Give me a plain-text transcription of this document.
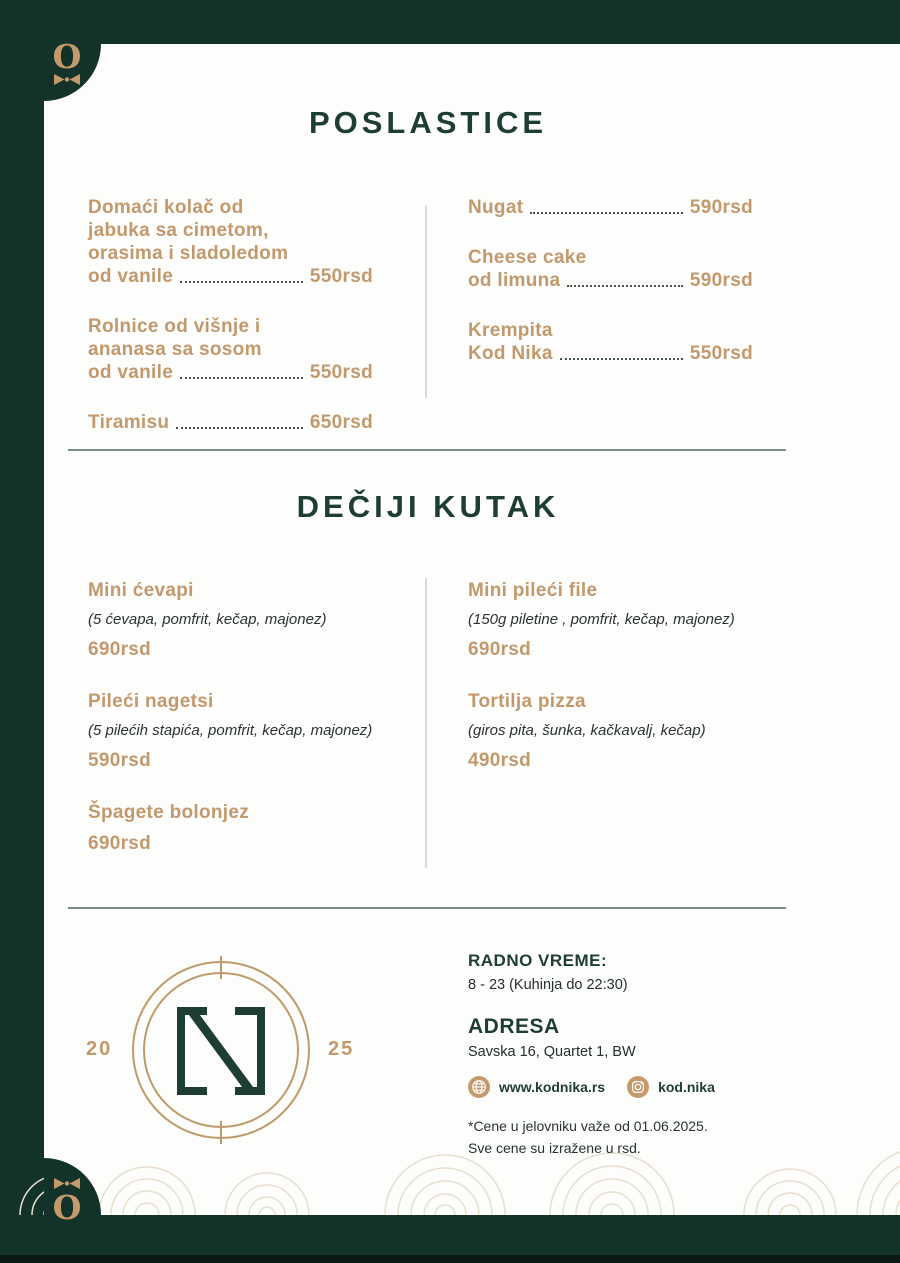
O
O
POSLASTICE
Domaći kolač od
jabuka sa cimetom,
orasima i sladoledom
od vanile	550rsd
Rolnice od višnje i
ananasa sa sosom
od vanile	550rsd
Tiramisu	650rsd
Nugat	590rsd
Cheese cake
od limuna	590rsd
Krempita
Kod Nika	550rsd
DEČIJI KUTAK
Mini ćevapi
(5 ćevapa, pomfrit, kečap, majonez)
690rsd
Pileći nagetsi
(5 pilećih stapića, pomfrit, kečap, majonez)
590rsd
Špagete bolonjez
690rsd
Mini pileći file
(150g piletine , pomfrit, kečap, majonez)
690rsd
Tortilja pizza
(giros pita, šunka, kačkavalj, kečap)
490rsd
20	25
RADNO VREME:
8 - 23 (Kuhinja do 22:30)
ADRESA
Savska 16, Quartet 1, BW
www.kodnika.rs	kod.nika
*Cene u jelovniku važe od 01.06.2025.
Sve cene su izražene u rsd.
